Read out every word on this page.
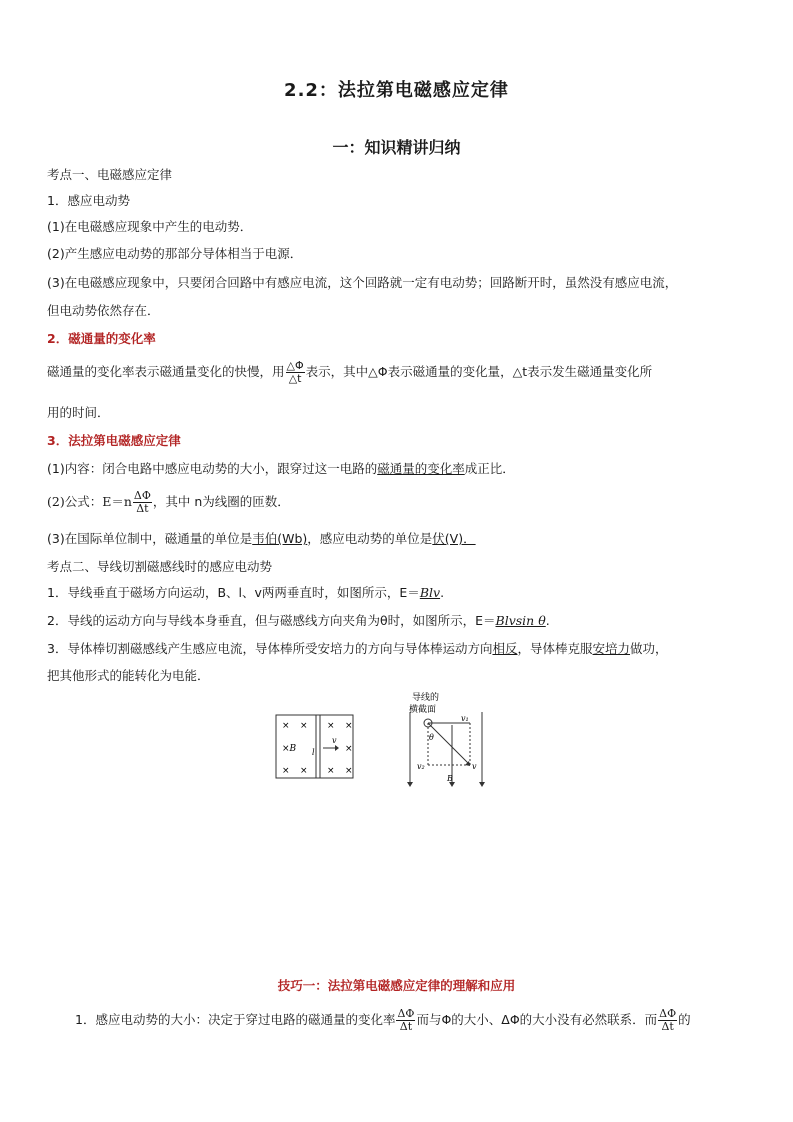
2.2：法拉第电磁感应定律
一：知识精讲归纳
考点一、电磁感应定律
1．感应电动势
(1)在电磁感应现象中产生的电动势．
(2)产生感应电动势的那部分导体相当于电源．
(3)在电磁感应现象中，只要闭合回路中有感应电流，这个回路就一定有电动势；回路断开时，虽然没有感应电流，
但电动势依然存在．
2．磁通量的变化率
磁通量的变化率表示磁通量变化的快慢，用 $\frac{\triangle\Phi}{\triangle t}$ 表示，其中△Φ表示磁通量的变化量，△t表示发生磁通量变化所
用的时间．
3．法拉第电磁感应定律
(1)内容：闭合电路中感应电动势的大小，跟穿过这一电路的磁通量的变化率成正比．
(2)公式：$E=n \frac{\Delta\Phi}{\Delta t}$ ，其中 n为线圈的匝数．
(3)在国际单位制中，磁通量的单位是韦伯(Wb)，感应电动势的单位是伏(V)．
考点二、导线切割磁感线时的感应电动势
1．导线垂直于磁场方向运动，B、l、v两两垂直时，如图所示，E＝Blv.
2．导线的运动方向与导线本身垂直，但与磁感线方向夹角为θ时，如图所示，E＝Blvsin θ.
3．导体棒切割磁感线产生感应电流，导体棒所受安培力的方向与导体棒运动方向相反，导体棒克服安培力做功，
把其他形式的能转化为电能．
× × × ×
×B l	×
v
× × × ×
导线的
横截面
v₁
θ
v₂	v
B
技巧一：法拉第电磁感应定律的理解和应用
1．感应电动势的大小：决定于穿过电路的磁通量的变化率 $\frac{\Delta\Phi}{\Delta t}$ 而与Φ的大小、ΔΦ的大小没有必然联系．而 $\frac{\Delta\Phi}{\Delta t}$ 的
